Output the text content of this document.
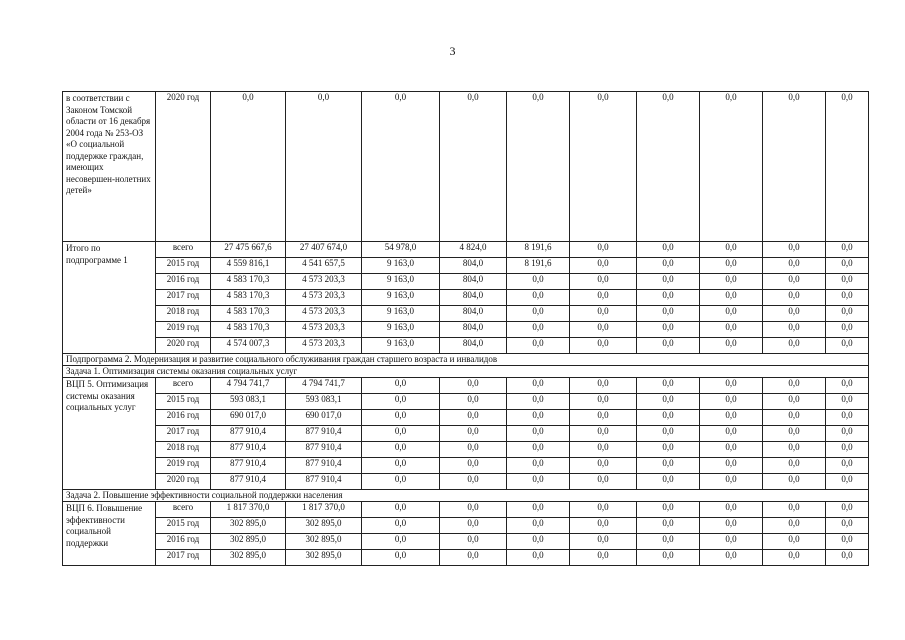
3
в соответствии с Законом Томской области от 16 декабря 2004 года № 253-ОЗ «О социальной поддержке граждан, имеющих несовершен-нолетних детей»	2020 год	0,0	0,0	0,0	0,0	0,0	0,0	0,0	0,0	0,0	0,0
Итого по подпрограмме 1	всего	27 475 667,6	27 407 674,0	54 978,0	4 824,0	8 191,6	0,0	0,0	0,0	0,0	0,0
	2015 год	4 559 816,1	4 541 657,5	9 163,0	804,0	8 191,6	0,0	0,0	0,0	0,0	0,0
	2016 год	4 583 170,3	4 573 203,3	9 163,0	804,0	0,0	0,0	0,0	0,0	0,0	0,0
	2017 год	4 583 170,3	4 573 203,3	9 163,0	804,0	0,0	0,0	0,0	0,0	0,0	0,0
	2018 год	4 583 170,3	4 573 203,3	9 163,0	804,0	0,0	0,0	0,0	0,0	0,0	0,0
	2019 год	4 583 170,3	4 573 203,3	9 163,0	804,0	0,0	0,0	0,0	0,0	0,0	0,0
	2020 год	4 574 007,3	4 573 203,3	9 163,0	804,0	0,0	0,0	0,0	0,0	0,0	0,0
Подпрограмма 2. Модернизация и развитие социального обслуживания граждан старшего возраста и инвалидов											
Задача 1. Оптимизация системы оказания социальных услуг											
ВЦП 5. Оптимизация системы оказания социальных услуг	всего	4 794 741,7	4 794 741,7	0,0	0,0	0,0	0,0	0,0	0,0	0,0	0,0
	2015 год	593 083,1	593 083,1	0,0	0,0	0,0	0,0	0,0	0,0	0,0	0,0
	2016 год	690 017,0	690 017,0	0,0	0,0	0,0	0,0	0,0	0,0	0,0	0,0
	2017 год	877 910,4	877 910,4	0,0	0,0	0,0	0,0	0,0	0,0	0,0	0,0
	2018 год	877 910,4	877 910,4	0,0	0,0	0,0	0,0	0,0	0,0	0,0	0,0
	2019 год	877 910,4	877 910,4	0,0	0,0	0,0	0,0	0,0	0,0	0,0	0,0
	2020 год	877 910,4	877 910,4	0,0	0,0	0,0	0,0	0,0	0,0	0,0	0,0
Задача 2. Повышение эффективности социальной поддержки населения											
ВЦП 6. Повышение эффективности социальной поддержки	всего	1 817 370,0	1 817 370,0	0,0	0,0	0,0	0,0	0,0	0,0	0,0	0,0
	2015 год	302 895,0	302 895,0	0,0	0,0	0,0	0,0	0,0	0,0	0,0	0,0
	2016 год	302 895,0	302 895,0	0,0	0,0	0,0	0,0	0,0	0,0	0,0	0,0
	2017 год	302 895,0	302 895,0	0,0	0,0	0,0	0,0	0,0	0,0	0,0	0,0
